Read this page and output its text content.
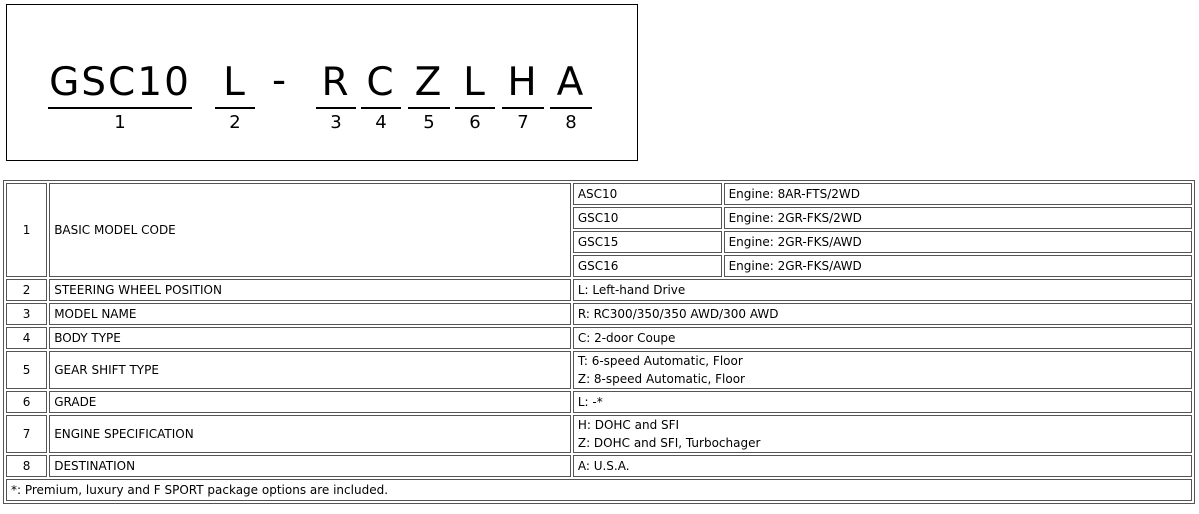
GSC10
1
L
2
- R
3
C
4
Z
5
L
6
H
7
A
8
1	BASIC MODEL CODE	ASC10	Engine: 8AR-FTS/2WD
		GSC10	Engine: 2GR-FKS/2WD
		GSC15	Engine: 2GR-FKS/AWD
		GSC16	Engine: 2GR-FKS/AWD
2	STEERING WHEEL POSITION	L: Left-hand Drive	

3	MODEL NAME	R: RC300/350/350 AWD/300 AWD	

4	BODY TYPE	C: 2-door Coupe	

5	GEAR SHIFT TYPE	T: 6-speed Automatic, Floor
Z: 8-speed Automatic, Floor	

6	GRADE	L: -*	

7	ENGINE SPECIFICATION	H: DOHC and SFI
Z: DOHC and SFI, Turbochager	

8	DESTINATION	A: U.S.A.	

*: Premium, luxury and F SPORT package options are included.			
